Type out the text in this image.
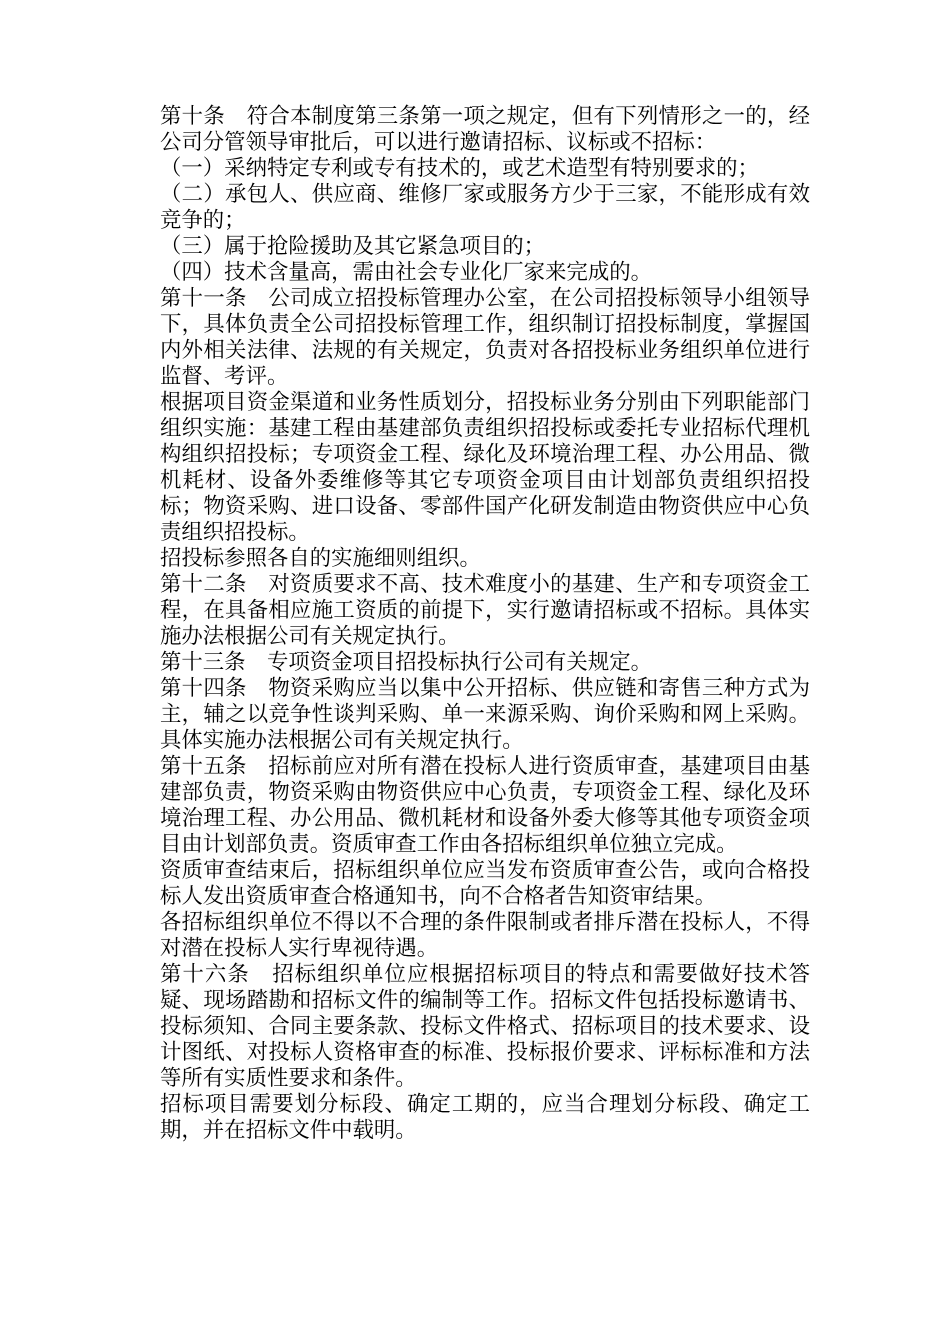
第十条　符合本制度第三条第一项之规定，但有下列情形之一的，经公司分管领导审批后，可以进行邀请招标、议标或不招标：

（一）采纳特定专利或专有技术的，或艺术造型有特别要求的；

（二）承包人、供应商、维修厂家或服务方少于三家，不能形成有效竞争的；

（三）属于抢险援助及其它紧急项目的；

（四）技术含量高，需由社会专业化厂家来完成的。

第十一条　公司成立招投标管理办公室，在公司招投标领导小组领导下，具体负责全公司招投标管理工作，组织制订招投标制度，掌握国内外相关法律、法规的有关规定，负责对各招投标业务组织单位进行监督、考评。

根据项目资金渠道和业务性质划分，招投标业务分别由下列职能部门组织实施：基建工程由基建部负责组织招投标或委托专业招标代理机构组织招投标；专项资金工程、绿化及环境治理工程、办公用品、微机耗材、设备外委维修等其它专项资金项目由计划部负责组织招投标；物资采购、进口设备、零部件国产化研发制造由物资供应中心负责组织招投标。

招投标参照各自的实施细则组织。

第十二条　对资质要求不高、技术难度小的基建、生产和专项资金工程，在具备相应施工资质的前提下，实行邀请招标或不招标。具体实施办法根据公司有关规定执行。

第十三条　专项资金项目招投标执行公司有关规定。

第十四条　物资采购应当以集中公开招标、供应链和寄售三种方式为主，辅之以竞争性谈判采购、单一来源采购、询价采购和网上采购。具体实施办法根据公司有关规定执行。

第十五条　招标前应对所有潜在投标人进行资质审查，基建项目由基建部负责，物资采购由物资供应中心负责，专项资金工程、绿化及环境治理工程、办公用品、微机耗材和设备外委大修等其他专项资金项目由计划部负责。资质审查工作由各招标组织单位独立完成。

资质审查结束后，招标组织单位应当发布资质审查公告，或向合格投标人发出资质审查合格通知书，向不合格者告知资审结果。

各招标组织单位不得以不合理的条件限制或者排斥潜在投标人，不得对潜在投标人实行卑视待遇。

第十六条　招标组织单位应根据招标项目的特点和需要做好技术答疑、现场踏勘和招标文件的编制等工作。招标文件包括投标邀请书、投标须知、合同主要条款、投标文件格式、招标项目的技术要求、设计图纸、对投标人资格审查的标准、投标报价要求、评标标准和方法等所有实质性要求和条件。

招标项目需要划分标段、确定工期的，应当合理划分标段、确定工期，并在招标文件中载明。
